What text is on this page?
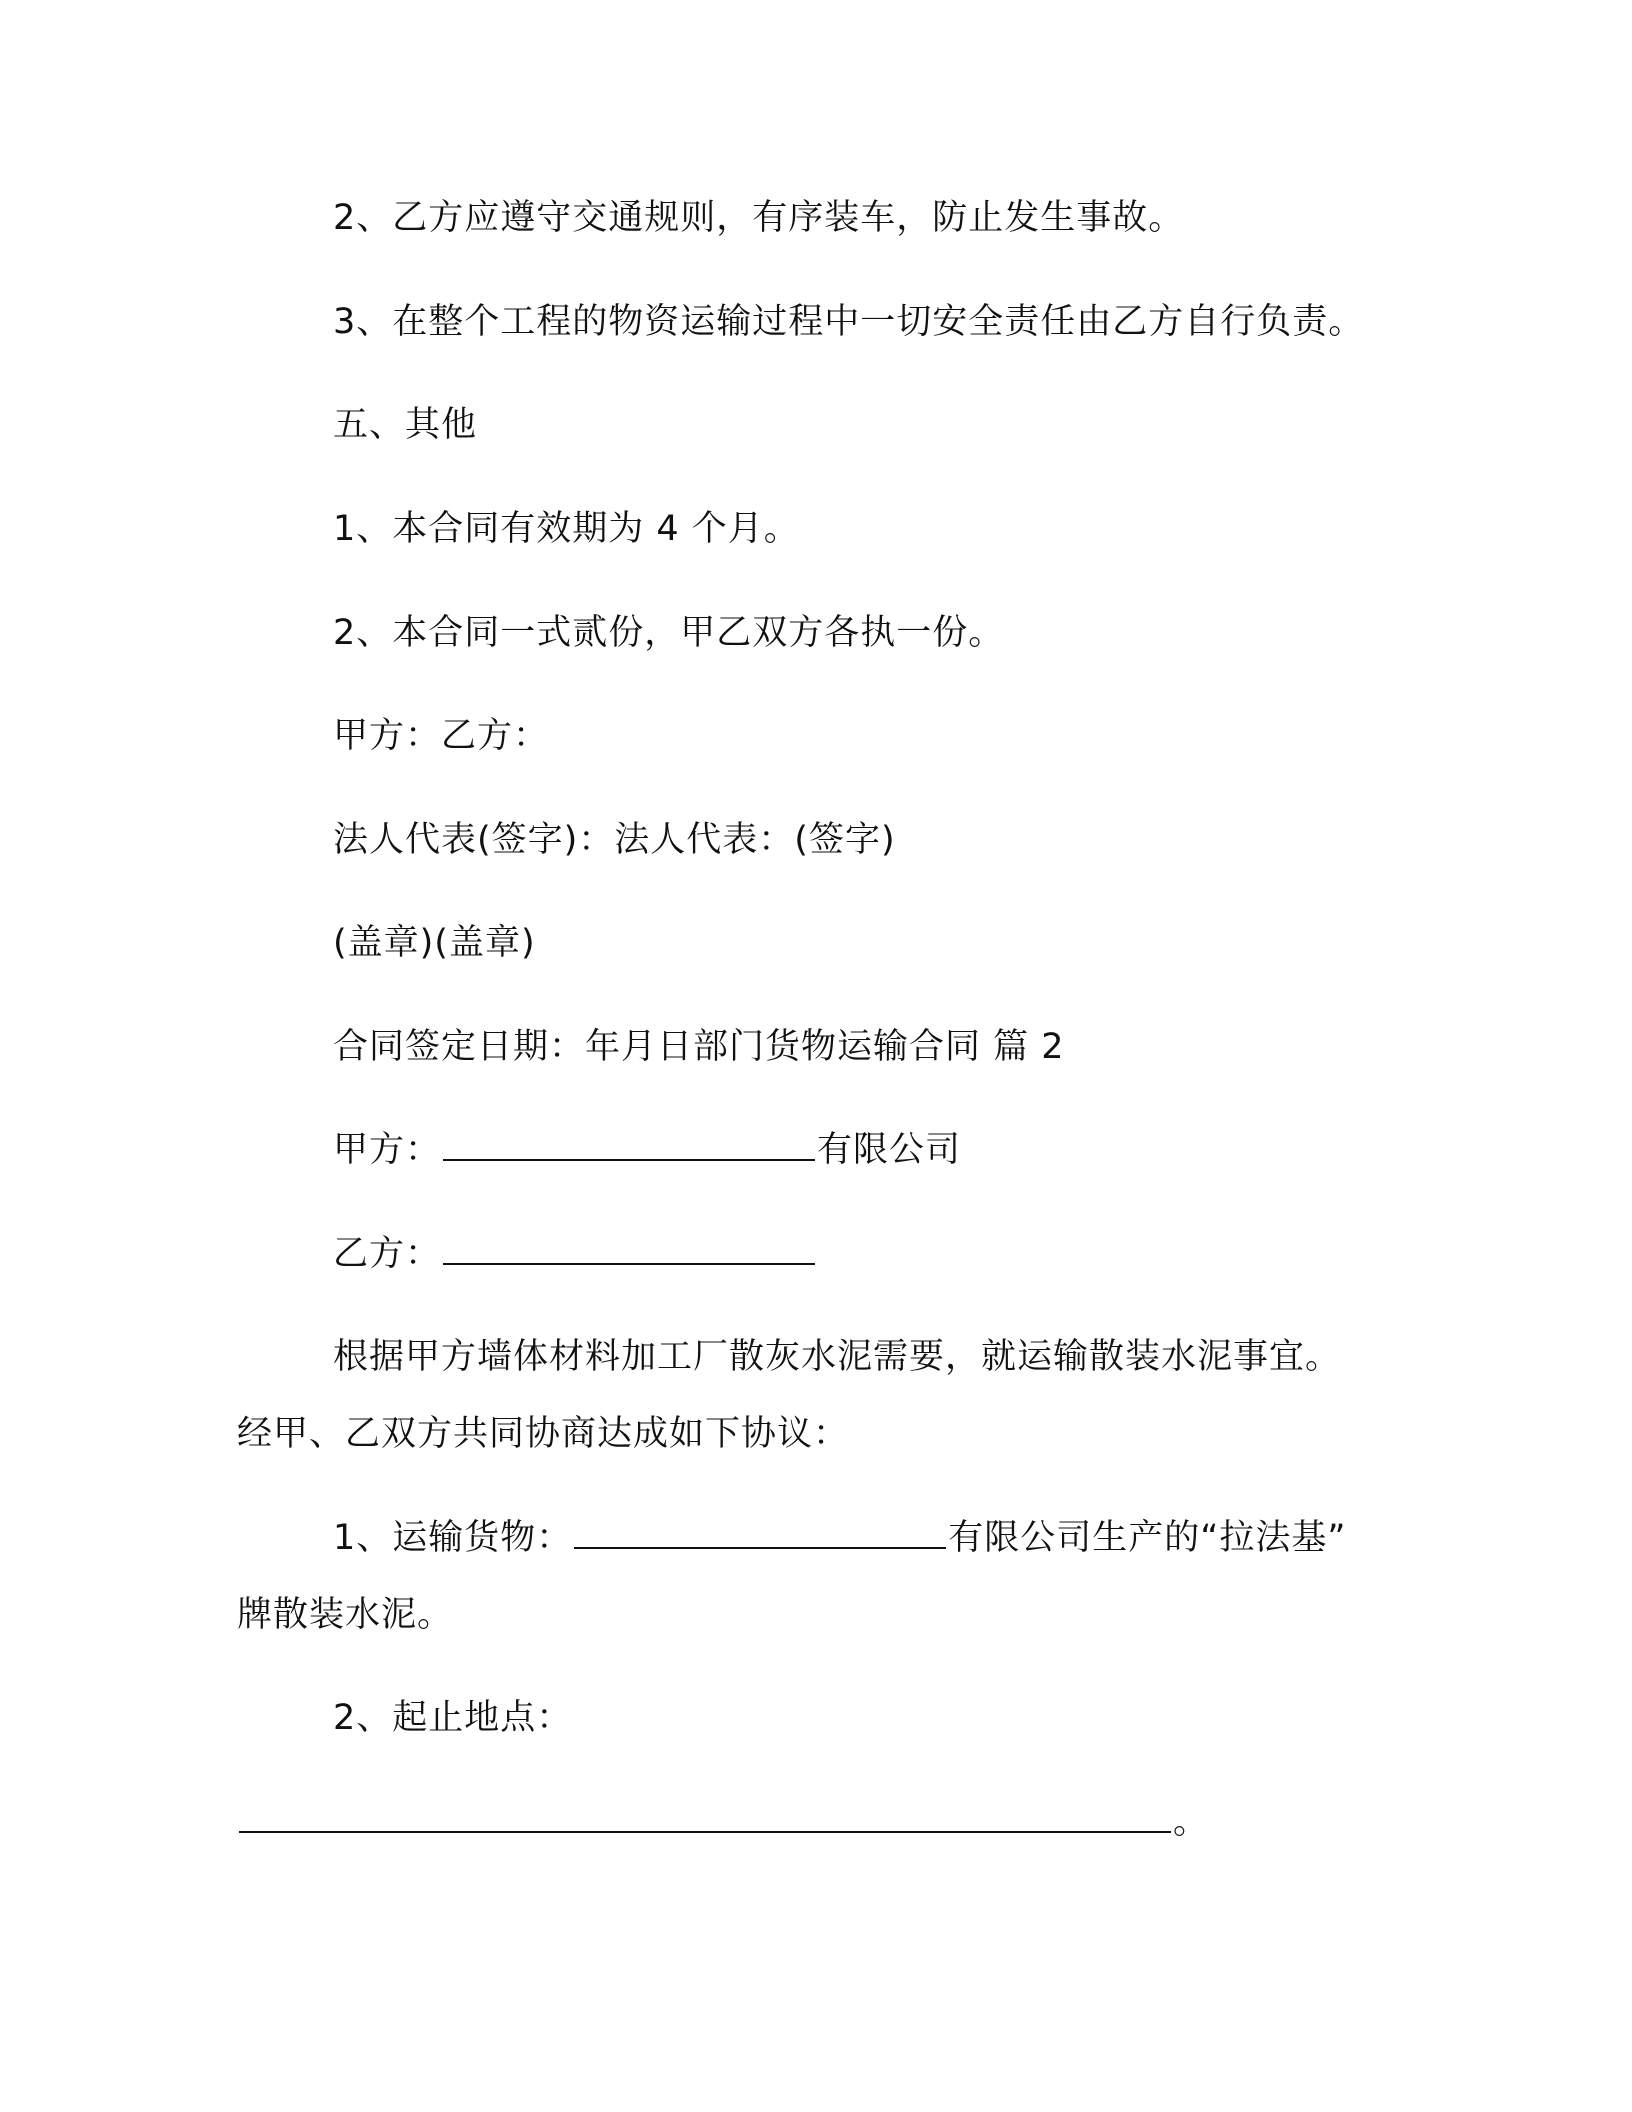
2、乙方应遵守交通规则，有序装车，防止发生事故。
3、在整个工程的物资运输过程中一切安全责任由乙方自行负责。
五、其他
1、本合同有效期为 4 个月。
2、本合同一式贰份，甲乙双方各执一份。
甲方：乙方：
法人代表(签字)：法人代表：(签字)
(盖章)(盖章)
合同签定日期：年月日部门货物运输合同 篇 2
甲方：	有限公司
乙方：
根据甲方墙体材料加工厂散灰水泥需要，就运输散装水泥事宜。
经甲、乙双方共同协商达成如下协议：
1、运输货物：	有限公司生产的“拉法基”
牌散装水泥。
2、起止地点：
。
